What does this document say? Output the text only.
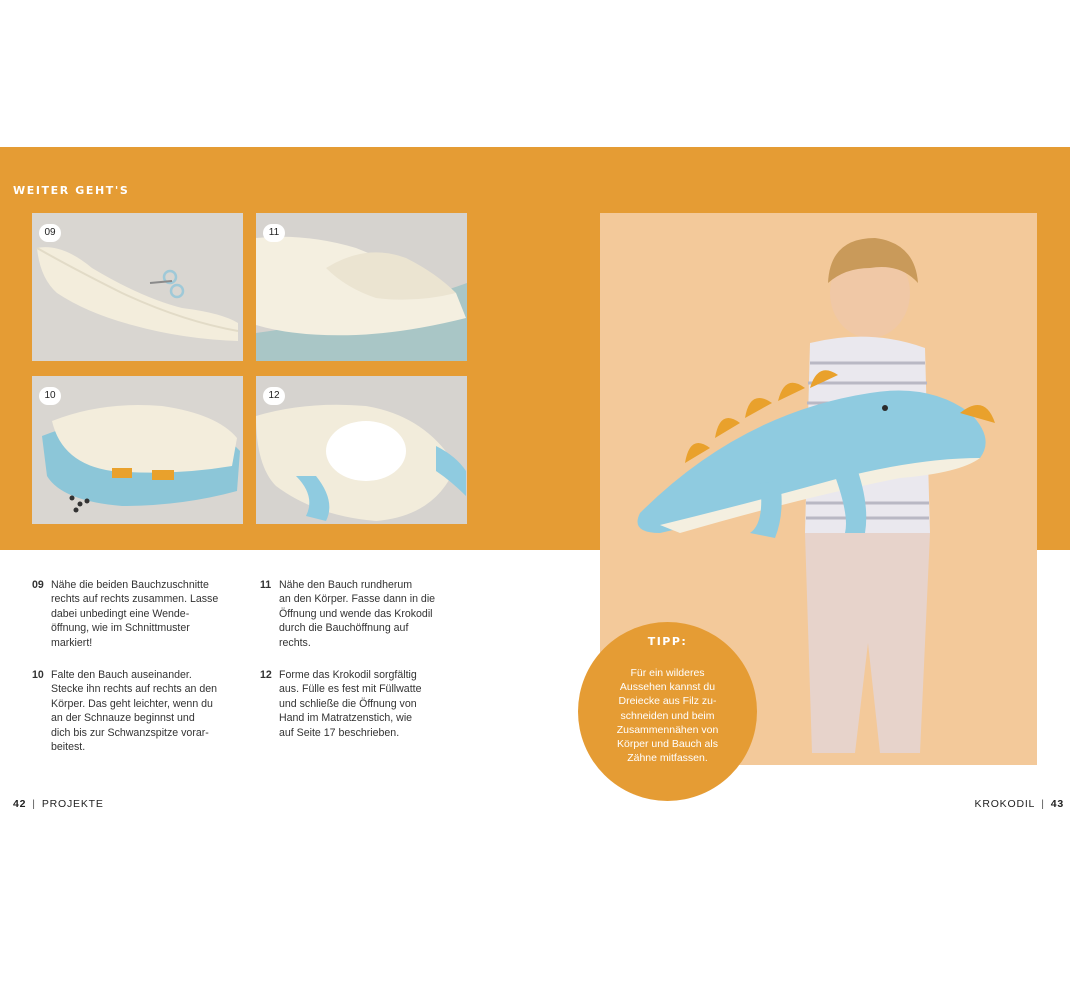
WEITER GEHT'S
09	11
10	12
09 Nähe die beiden Bauchzuschnitte
rechts auf rechts zusammen. Lasse
dabei unbedingt eine Wende-
öffnung, wie im Schnittmuster
markiert!
10 Falte den Bauch auseinander.
Stecke ihn rechts auf rechts an den
Körper. Das geht leichter, wenn du
an der Schnauze beginnst und
dich bis zur Schwanzspitze vorar-
beitest.
11 Nähe den Bauch rundherum
an den Körper. Fasse dann in die
Öffnung und wende das Krokodil
durch die Bauchöffnung auf
rechts.
12 Forme das Krokodil sorgfältig
aus. Fülle es fest mit Füllwatte
und schließe die Öffnung von
Hand im Matratzenstich, wie
auf Seite 17 beschrieben.
TIPP:
Für ein wilderes
Aussehen kannst du
Dreiecke aus Filz zu-
schneiden und beim
Zusammennähen von
Körper und Bauch als
Zähne mitfassen.
42 | PROJEKTE	KROKODIL | 43
